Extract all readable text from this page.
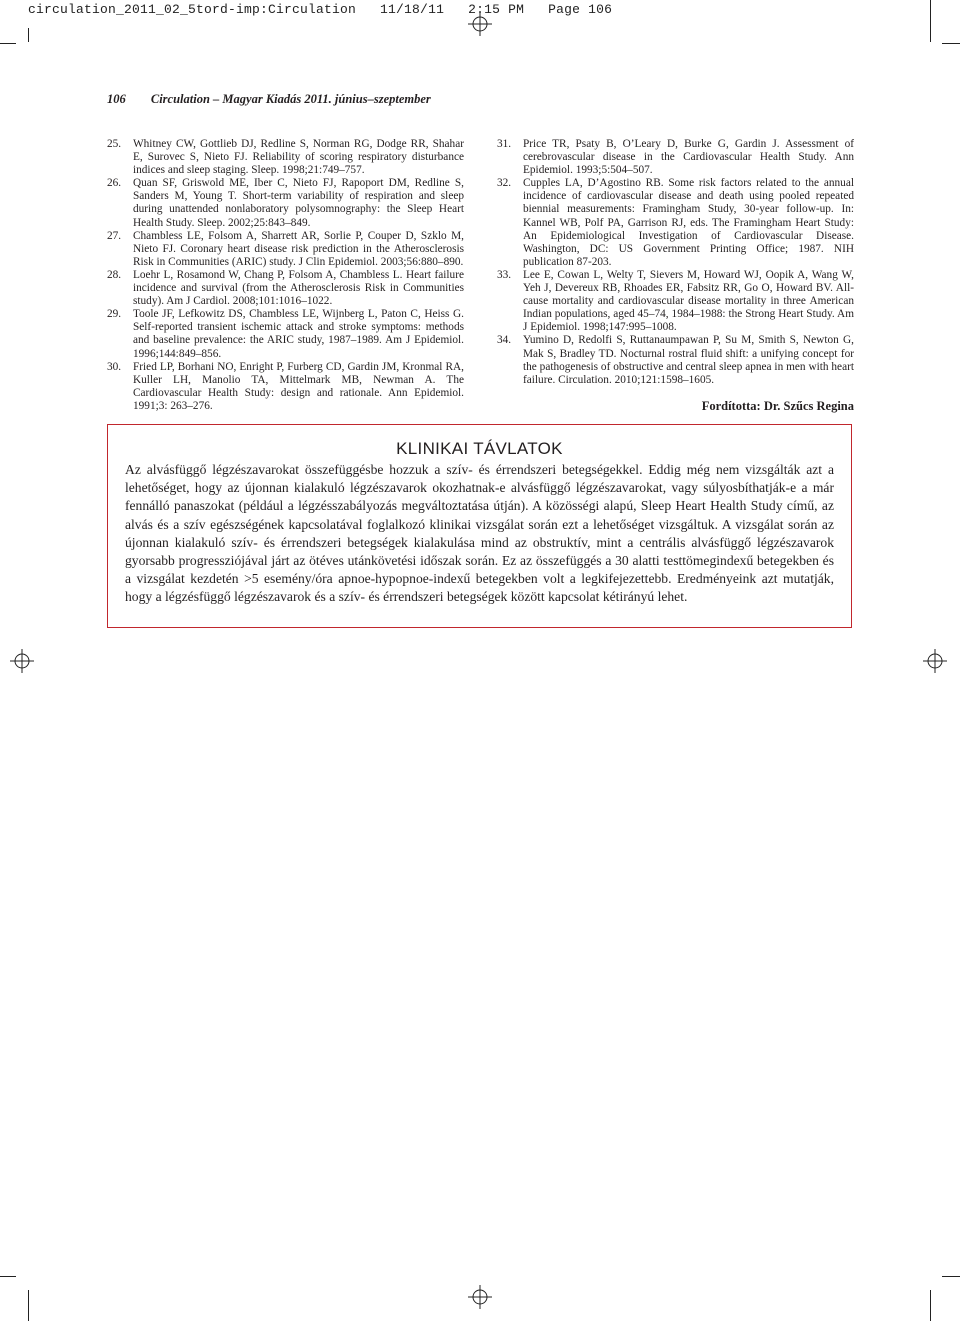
circulation_2011_02_5tord-imp:Circulation   11/18/11   2:15 PM   Page 106
106 Circulation – Magyar Kiadás 2011. június–szeptember
25. Whitney CW, Gottlieb DJ, Redline S, Norman RG, Dodge RR, Shahar E, Surovec S, Nieto FJ. Reliability of scoring respiratory disturbance indices and sleep staging. Sleep. 1998;21:749–757.
26. Quan SF, Griswold ME, Iber C, Nieto FJ, Rapoport DM, Redline S, Sanders M, Young T. Short-term variability of respiration and sleep during unattended nonlaboratory polysomnography: the Sleep Heart Health Study. Sleep. 2002;25:843–849.
27. Chambless LE, Folsom A, Sharrett AR, Sorlie P, Couper D, Szklo M, Nieto FJ. Coronary heart disease risk prediction in the Atherosclerosis Risk in Communities (ARIC) study. J Clin Epidemiol. 2003;56:880–890.
28. Loehr L, Rosamond W, Chang P, Folsom A, Chambless L. Heart failure incidence and survival (from the Atherosclerosis Risk in Communities study). Am J Cardiol. 2008;101:1016–1022.
29. Toole JF, Lefkowitz DS, Chambless LE, Wijnberg L, Paton C, Heiss G. Self-reported transient ischemic attack and stroke symptoms: methods and baseline prevalence: the ARIC study, 1987–1989. Am J Epidemiol. 1996;144:849–856.
30. Fried LP, Borhani NO, Enright P, Furberg CD, Gardin JM, Kronmal RA, Kuller LH, Manolio TA, Mittelmark MB, Newman A. The Cardiovascular Health Study: design and rationale. Ann Epidemiol. 1991;3: 263–276.
31. Price TR, Psaty B, O’Leary D, Burke G, Gardin J. Assessment of cerebrovascular disease in the Cardiovascular Health Study. Ann Epidemiol. 1993;5:504–507.
32. Cupples LA, D’Agostino RB. Some risk factors related to the annual incidence of cardiovascular disease and death using pooled repeated biennial measurements: Framingham Study, 30-year follow-up. In: Kannel WB, Polf PA, Garrison RJ, eds. The Framingham Heart Study: An Epidemiological Investigation of Cardiovascular Disease. Washington, DC: US Government Printing Office; 1987. NIH publication 87-203.
33. Lee E, Cowan L, Welty T, Sievers M, Howard WJ, Oopik A, Wang W, Yeh J, Devereux RB, Rhoades ER, Fabsitz RR, Go O, Howard BV. All-cause mortality and cardiovascular disease mortality in three American Indian populations, aged 45–74, 1984–1988: the Strong Heart Study. Am J Epidemiol. 1998;147:995–1008.
34. Yumino D, Redolfi S, Ruttanaumpawan P, Su M, Smith S, Newton G, Mak S, Bradley TD. Nocturnal rostral fluid shift: a unifying concept for the pathogenesis of obstructive and central sleep apnea in men with heart failure. Circulation. 2010;121:1598–1605.
Fordította: Dr. Szűcs Regina
KLINIKAI TÁVLATOK
Az alvásfüggő légzészavarokat összefüggésbe hozzuk a szív- és érrendszeri betegségekkel. Eddig még nem vizsgálták azt a lehetőséget, hogy az újonnan kialakuló légzészavarok okozhatnak-e alvásfüggő légzészavarokat, vagy súlyosbíthatják-e a már fennálló panaszokat (például a légzésszabályozás megváltoztatása útján). A közösségi alapú, Sleep Heart Health Study című, az alvás és a szív egészségének kapcsolatával foglalkozó klinikai vizsgálat során ezt a lehetőséget vizsgáltuk. A vizsgálat során az újonnan kialakuló szív- és érrendszeri betegségek kialakulása mind az obstruktív, mint a centrális alvásfüggő légzészavarok gyorsabb progressziójával járt az ötéves utánkövetési időszak során. Ez az összefüggés a 30 alatti testtömegindexű betegekben és a vizsgálat kezdetén >5 esemény/óra apnoe-hypopnoe-indexű betegekben volt a legkifejezettebb. Eredményeink azt mutatják, hogy a légzésfüggő légzészavarok és a szív- és érrendszeri betegségek között kapcsolat kétirányú lehet.
